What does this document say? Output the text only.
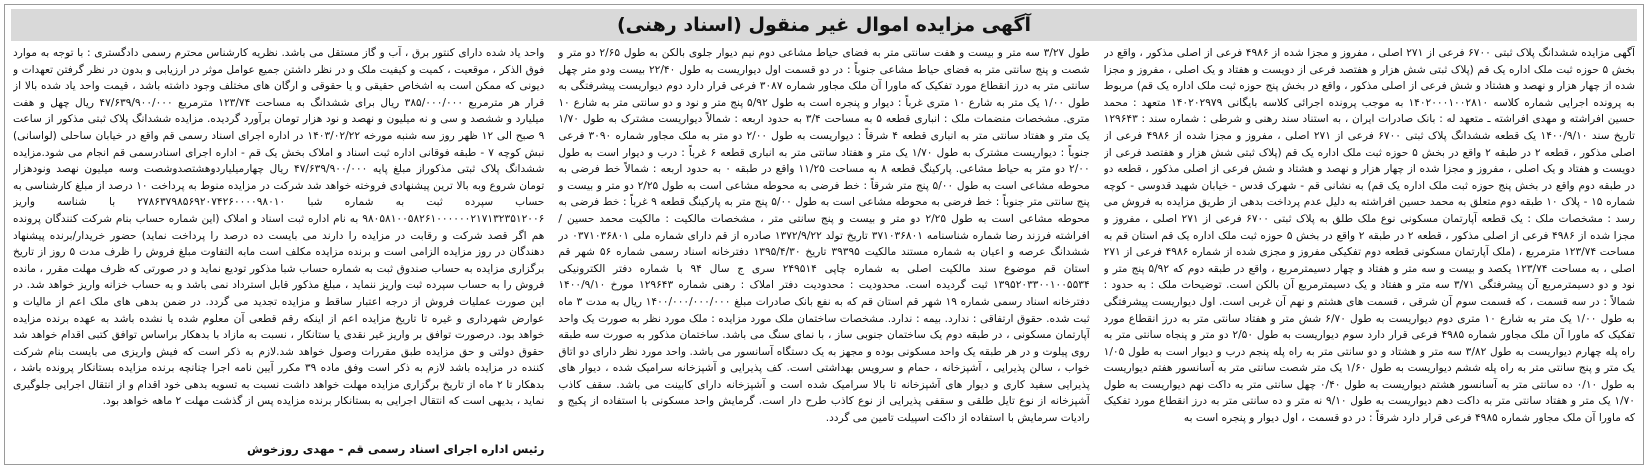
آگهی مزایده اموال غیر منقول (اسناد رهنی)

آگهی مزایده ششدانگ پلاک ثبتی ۶۷۰۰ فرعی از ۲۷۱ اصلی ، مفروز و مجزا شده از ۴۹۸۶ فرعی از اصلی مذکور ، واقع در بخش ۵ حوزه ثبت ملک اداره یک قم (پلاک ثبتی شش هزار و هفتصد فرعی از دویست و هفتاد و یک اصلی ، مفروز و مجزا شده از چهار هزار و نهصد و هشتاد و شش فرعی از اصلی مذکور ، واقع در بخش پنج حوزه ثبت ملک اداره یک قم) مربوط به پرونده اجرایی شماره کلاسه ۱۴۰۲۰۰۰۱۰۰۲۸۱۰ به موجب پرونده اجرائی کلاسه بایگانی ۱۴۰۲۰۲۹۷۹ متعهد : محمد حسین افراشته و مهدی افراشته ـ متعهد له : بانک صادرات ایران ، به استناد سند رهنی و شرطی : شماره سند : ۱۲۹۶۴۳ تاریخ سند ۱۴۰۰/۹/۱۰ یک قطعه ششدانگ پلاک ثبتی ۶۷۰۰ فرعی از ۲۷۱ اصلی ، مفروز و مجزا شده از ۴۹۸۶ فرعی از اصلی مذکور ، قطعه ۲ در طبقه ۲ واقع در بخش ۵ حوزه ثبت ملک اداره یک قم (پلاک ثبتی شش هزار و هفتصد فرعی از دویست و هفتاد و یک اصلی ، مفروز و مجزا شده از چهار هزار و نهصد و هشتاد و شش فرعی از اصلی مذکور ، قطعه دو در طبقه دوم واقع در بخش پنج حوزه ثبت ملک اداره یک قم) به نشانی قم - شهرک قدس - خیابان شهید قدوسی - کوچه شماره ۱۵ - پلاک ۱۰ طبقه دوم متعلق به محمد حسین افراشته به دلیل عدم پرداخت بدهی از طریق مزایده به فروش می رسد : مشخصات ملک : یک قطعه آپارتمان مسکونی نوع ملک طلق به پلاک ثبتی ۶۷۰۰ فرعی از ۲۷۱ اصلی ، مفروز و مجزا شده از ۴۹۸۶ فرعی از اصلی مذکور ، قطعه ۲ در طبقه ۲ واقع در بخش ۵ حوزه ثبت ملک اداره یک قم استان قم به مساحت ۱۲۳/۷۴ مترمربع ، (ملک آپارتمان مسکونی قطعه دوم تفکیکی مفروز و مجزی شده از شماره ۴۹۸۶ فرعی از ۲۷۱ اصلی ، به مساحت ۱۲۳/۷۴ یکصد و بیست و سه متر و هفتاد و چهار دسیمترمربع ، واقع در طبقه دوم که ۵/۹۲ پنج متر و نود و دو دسیمترمربع آن پیشرفتگی ۳/۷۱ سه متر و هفتاد و یک دسیمترمربع آن بالکن است. توضیحات ملک : به حدود : شمالاً : در سه قسمت ، که قسمت سوم آن شرقی ، قسمت های هشتم و نهم آن غربی است. اول دیواریست پیشرفتگی به طول ۱/۰۰ یک متر به شارع ۱۰ متری دوم دیواریست به طول ۶/۷۰ شش متر و هفتاد سانتی متر به درز انقطاع مورد تفکیک که ماورا آن ملک مجاور شماره ۴۹۸۵ فرعی قرار دارد سوم دیواریست به طول ۲/۵۰ دو متر و پنجاه سانتی متر به راه پله چهارم دیواریست به طول ۳/۸۲ سه متر و هشتاد و دو سانتی متر به راه پله پنجم درب و دیوار است به طول ۱/۰۵ یک متر و پنج سانتی متر به راه پله ششم دیواریست به طول ۱/۶۰ یک متر شصت سانتی متر به آسانسور هفتم دیواریست به طول ۰/۱۰ ده سانتی متر به آسانسور هشتم دیواریست به طول ۰/۴۰ چهل سانتی متر به داکت نهم دیواریست به طول ۱/۷۰ یک متر و هفتاد سانتی متر به داکت دهم دیواریست به طول ۹/۱۰ نه متر و ده سانتی متر به درز انقطاع مورد تفکیک که ماورا آن ملک مجاور شماره ۴۹۸۵ فرعی قرار دارد شرقاً : در دو قسمت ، اول دیوار و پنجره است به

طول ۳/۲۷ سه متر و بیست و هفت سانتی متر به فضای حیاط مشاعی دوم نیم دیوار جلوی بالکن به طول ۲/۶۵ دو متر و شصت و پنج سانتی متر به فضای حیاط مشاعی جنوباً : در دو قسمت اول دیواریست به طول ۲۲/۴۰ بیست ودو متر چهل سانتی متر به درز انقطاع مورد تفکیک که ماورا آن ملک مجاور شماره ۳۰۸۷ فرعی قرار دارد دوم دیواریست پیشرفتگی به طول ۱/۰۰ یک متر به شارع ۱۰ متری غرباً : دیوار و پنجره است به طول ۵/۹۲ پنج متر و نود و دو سانتی متر به شارع ۱۰ متری. مشخصات منضمات ملک : انباری قطعه ۵ به مساحت ۳/۴ به حدود اربعه : شمالاً دیواریست مشترک به طول ۱/۷۰ یک متر و هفتاد سانتی متر به انباری قطعه ۴ شرقاً : دیواریست به طول ۲/۰۰ دو متر به ملک مجاور شماره ۳۰۹۰ فرعی جنوباً : دیواریست مشترک به طول ۱/۷۰ یک متر و هفتاد سانتی متر به انباری قطعه ۶ غرباً : درب و دیوار است به طول ۲/۰۰ دو متر به حیاط مشاعی. پارکینگ قطعه ۸ به مساحت ۱۱/۲۵ واقع در طبقه ۰ به حدود اربعه : شمالاً خط فرضی به محوطه مشاعی است به طول ۵/۰۰ پنج متر شرقاً : خط فرضی به محوطه مشاعی است به طول ۲/۲۵ دو متر و بیست و پنج سانتی متر جنوباً : خط فرضی به محوطه مشاعی است به طول ۵/۰۰ پنج متر به پارکینگ قطعه ۹ غرباً : خط فرضی به محوطه مشاعی است به طول ۲/۲۵ دو متر و بیست و پنج سانتی متر ، مشخصات مالکیت : مالکیت محمد حسین / افراشته فرزند رضا شماره شناسنامه ۳۷۱۰۳۶۸۰۱ تاریخ تولد ۱۳۷۲/۹/۲۲ صادره از قم دارای شماره ملی ۰۳۷۱۰۳۶۸۰۱ در ششدانگ عرصه و اعیان به شماره مستند مالکیت ۳۹۳۹۵ تاریخ ۱۳۹۵/۴/۳۰ دفترخانه اسناد رسمی شماره ۵۶ شهر قم استان قم موضوع سند مالکیت اصلی به شماره چاپی ۲۴۹۵۱۴ سری ج سال ۹۴ با شماره دفتر الکترونیکی ۱۳۹۵۲۰۳۳۰۰۱۰۰۵۵۳۴ ثبت گردیده است. محدودیت : محدودیت دفتر املاک : رهنی شماره ۱۲۹۶۴۳ مورخ ۱۴۰۰/۹/۱۰ دفترخانه اسناد رسمی شماره ۱۹ شهر قم استان قم که به نفع بانک صادرات مبلغ ۱۴۰۰/۰۰۰/۰۰۰/۰۰۰ ریال به مدت ۳ ماه ثبت شده. حقوق ارتفاقی : ندارد. بیمه : ندارد. مشخصات ساختمان ملک مورد مزایده : ملک مورد نظر به صورت یک واحد آپارتمان مسکونی ، در طبقه دوم یک ساختمان جنوبی ساز ، با نمای سنگ می باشد. ساختمان مذکور به صورت سه طبقه روی پیلوت و در هر طبقه یک واحد مسکونی بوده و مجهز به یک دستگاه آسانسور می باشد. واحد مورد نظر دارای دو اتاق خواب ، سالن پذیرایی ، آشپزخانه ، حمام و سرویس بهداشتی است. کف پذیرایی و آشپزخانه سرامیک شده ، دیوار های پذیرایی سفید کاری و دیوار های آشپزخانه تا بالا سرامیک شده است و آشپزخانه دارای کابینت می باشد. سقف کاذب آشپزخانه از نوع تایل طلقی و سقفی پذیرایی از نوع کاذب طرح دار است. گرمایش واحد مسکونی با استفاده از پکیج و رادیات سرمایش با استفاده از داکت اسپیلت تامین می گردد.

واحد یاد شده دارای کنتور برق ، آب و گاز مستقل می باشد. نظریه کارشناس محترم رسمی دادگستری : با توجه به موارد فوق الذکر ، موقعیت ، کمیت و کیفیت ملک و در نظر داشتن جمیع عوامل موثر در ارزیابی و بدون در نظر گرفتن تعهدات و دیونی که ممکن است به اشخاص حقیقی و یا حقوقی و ارگان های مختلف وجود داشته باشد ، قیمت واحد یاد شده بالا از قرار هر مترمربع ۳۸۵/۰۰۰/۰۰۰ ریال برای ششدانگ به مساحت ۱۲۳/۷۴ مترمربع ۴۷/۶۳۹/۹۰۰/۰۰۰ ریال چهل و هفت میلیارد و ششصد و سی و نه میلیون و نهصد و نود هزار تومان برآورد گردیده. مزایده ششدانگ پلاک ثبتی مذکور از ساعت ۹ صبح الی ۱۲ ظهر روز سه شنبه مورخه ۱۴۰۳/۰۲/۲۲ در اداره اجرای اسناد رسمی قم واقع در خیابان ساحلی (لواسانی) نبش کوچه ۷ - طبقه فوقانی اداره ثبت اسناد و املاک بخش یک قم - اداره اجرای اسنادرسمی قم انجام می شود.مزایده ششدانگ پلاک ثبتی مذکوراز مبلغ پایه ۴۷/۶۳۹/۹۰۰/۰۰۰ ریال چهارمیلیاردوهشتصدوشصت وسه میلیون نهصد ونودهزار تومان شروع وبه بالا ترین پیشنهادی فروخته خواهد شد شرکت در مزایده منوط به پرداخت ۱۰ درصد از مبلغ کارشناسی به حساب سپرده ثبت به شماره شبا ۲۷۸۶۳۷۹۸۵۶۹۲۰۷۴۲۶۰۰۰۰۹۸۰۱۰ با شناسه واریز ۹۸۰۵۸۱۰۰۵۸۲۶۱۰۰۰۰۰۰۲۱۷۱۳۲۳۵۱۲۰۰۶ به نام اداره ثبت اسناد و املاک (این شماره حساب بنام شرکت کنندگان پرونده هم اگر قصد شرکت و رقابت در مزایده را دارند می بایست ده درصد را پرداخت نماید) حضور خریدار/برنده پیشنهاد دهندگان در روز مزایده الزامی است و برنده مزایده مکلف است مابه التفاوت مبلغ فروش را ظرف مدت ۵ روز از تاریخ برگزاری مزایده به حساب صندوق ثبت به شماره حساب شبا مذکور تودیع نماید و در صورتی که ظرف مهلت مقرر ، مانده فروش را به حساب سپرده ثبت واریز ننماید ، مبلغ مذکور قابل استرداد نمی باشد و به حساب خزانه واریز خواهد شد. در این صورت عملیات فروش از درجه اعتبار ساقط و مزایده تجدید می گردد. در ضمن بدهی های ملک اعم از مالیات و عوارض شهرداری و غیره تا تاریخ مزایده اعم از اینکه رقم قطعی آن معلوم شده یا نشده باشد به عهده برنده مزایده خواهد بود. درصورت توافق بر واریز غیر نقدی یا ستانکار ، نسبت به مازاد با بدهکار براساس توافق کتبی اقدام خواهد شد حقوق دولتی و حق مزایده طبق مقررات وصول خواهد شد.لازم به ذکر است که فیش واریزی می بایست بنام شرکت کننده در مزایده باشد لازم به ذکر است وفق ماده ۳۹ مکرر آیین نامه اجرا چنانچه برنده مزایده بستانکار پرونده باشد ، بدهکار تا ۲ ماه از تاریخ برگزاری مزایده مهلت خواهد داشت نسبت به تسویه بدهی خود اقدام و از انتقال اجرایی جلوگیری نماید ، بدیهی است که انتقال اجرایی به بستانکار برنده مزایده پس از گذشت مهلت ۲ ماهه خواهد بود.

رئیس اداره اجرای اسناد رسمی قم - مهدی روزخوش
